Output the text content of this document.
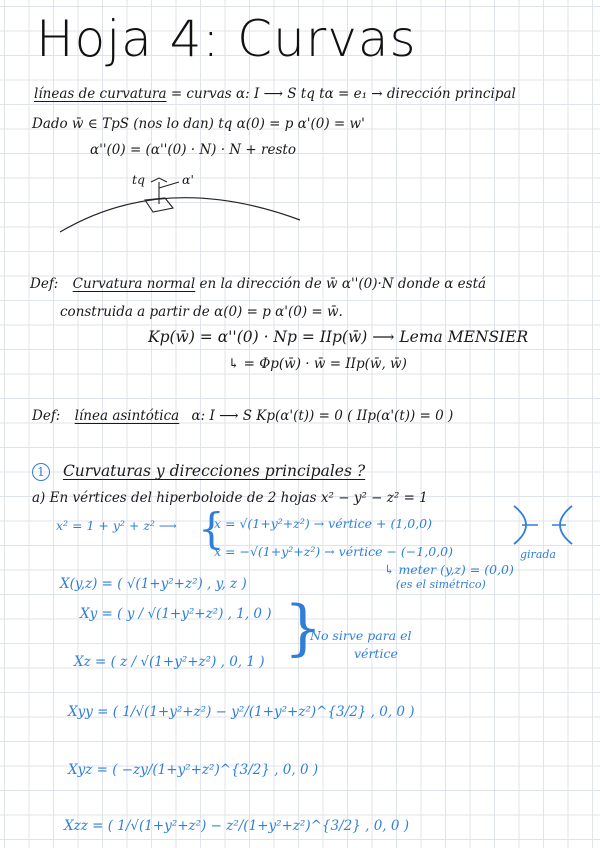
Hoja 4: Curvas
líneas de curvatura = curvas α: I ⟶ S tq tα = e₁ → dirección principal
Dado w̄ ∈ TpS (nos lo dan) tq α(0) = p α'(0) = w'
α''(0) = (α''(0) · N) · N + resto
tq	α'
Def: Curvatura normal en la dirección de w̄ α''(0)·N donde α está
construida a partir de α(0) = p α'(0) = w̄.
Kp(w̄) = α''(0) · Np = IIp(w̄) ⟶ Lema MENSIER
↳ = Φp(w̄) · w̄ = IIp(w̄, w̄)
Def: línea asintótica α: I ⟶ S Kp(α'(t)) = 0 ( IIp(α'(t)) = 0 )
1 Curvaturas y direcciones principales ?
a) En vértices del hiperboloide de 2 hojas x² − y² − z² = 1
x² = 1 + y² + z² ⟶ {
x = √(1+y²+z²) → vértice + (1,0,0)
x = −√(1+y²+z²) → vértice − (−1,0,0)
↳ meter (y,z) = (0,0)
(es el simétrico)
girada
X(y,z) = ( √(1+y²+z²) , y, z )
Xy = ( y / √(1+y²+z²) , 1, 0 )
Xz = ( z / √(1+y²+z²) , 0, 1 ) }
No sirve para el
vértice
Xyy = ( 1/√(1+y²+z²) − y²/(1+y²+z²)^{3/2} , 0, 0 )
Xyz = ( −zy/(1+y²+z²)^{3/2} , 0, 0 )
Xzz = ( 1/√(1+y²+z²) − z²/(1+y²+z²)^{3/2} , 0, 0 )
